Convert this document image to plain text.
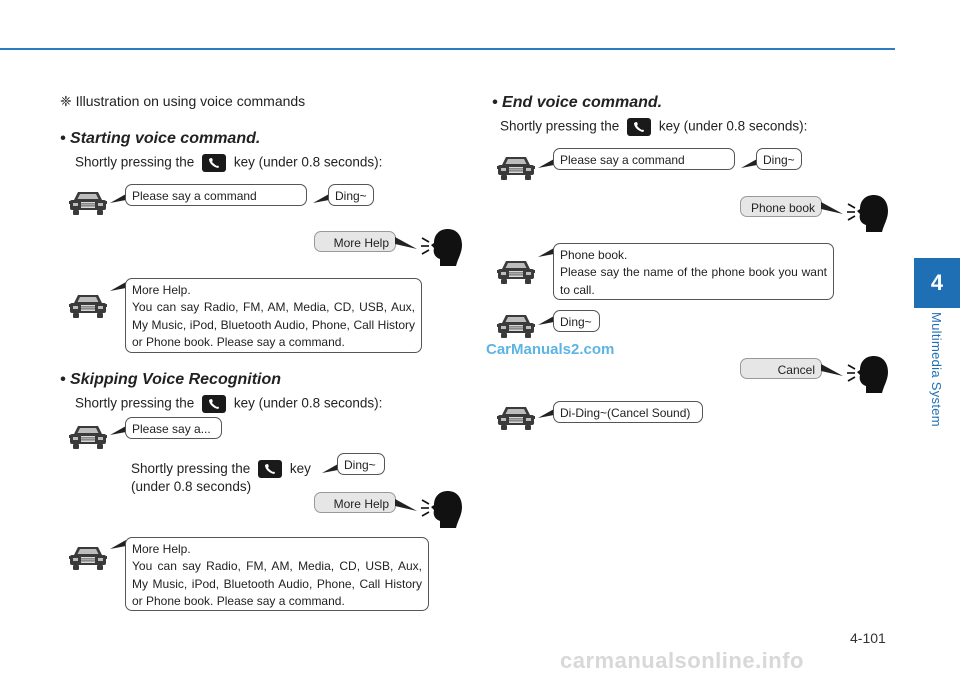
4
Multimedia System
❈ Illustration on using voice commands
• Starting voice command.
Shortly pressing the	key (under 0.8 seconds):
Please say a command	Ding~
More Help

More Help.

You can say Radio, FM, AM, Media, CD, USB, Aux, My Music, iPod, Bluetooth Audio, Phone, Call History or Phone book. Please say a command.

• Skipping Voice Recognition
Shortly pressing the	key (under 0.8 seconds):
Please say a...
Shortly pressing the	key
(under 0.8 seconds)
Ding~
More Help

More Help.

You can say Radio, FM, AM, Media, CD, USB, Aux, My Music, iPod, Bluetooth Audio, Phone, Call History or Phone book. Please say a command.

• End voice command.
Shortly pressing the	key (under 0.8 seconds):
Please say a command	Ding~
Phone book

Phone book.

Please say the name of the phone book you want to call.

Ding~
CarManuals2.com
Cancel
Di-Ding~(Cancel Sound)
4-101
carmanualsonline.info
